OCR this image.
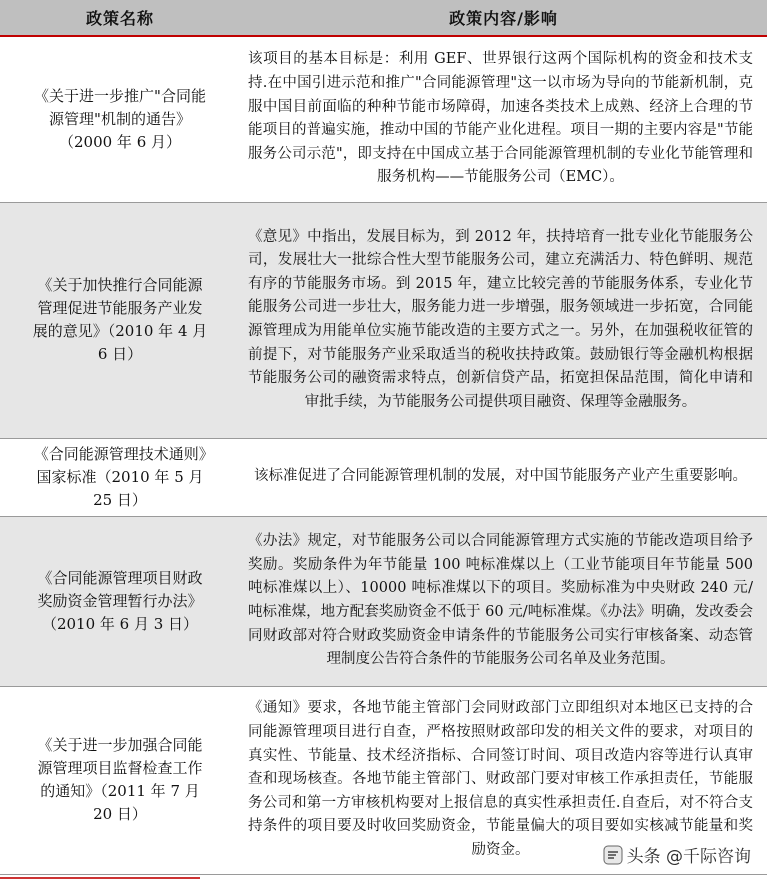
政策名称	政策内容/影响
《关于进一步推广"合同能源管理"机制的通告》（2000 年 6 月）	该项目的基本目标是：利用 GEF、世界银行这两个国际机构的资金和技术支持.在中国引进示范和推广"合同能源管理"这一以市场为导向的节能新机制，克服中国目前面临的种种节能市场障碍，加速各类技术上成熟、经济上合理的节能项目的普遍实施，推动中国的节能产业化进程。项目一期的主要内容是"节能服务公司示范"，即支持在中国成立基于合同能源管理机制的专业化节能管理和服务机构——节能服务公司（EMC）。
《关于加快推行合同能源管理促进节能服务产业发展的意见》（2010 年 4 月 6 日）	《意见》中指出，发展目标为，到 2012 年，扶持培育一批专业化节能服务公司，发展壮大一批综合性大型节能服务公司，建立充满活力、特色鲜明、规范有序的节能服务市场。到 2015 年，建立比较完善的节能服务体系，专业化节能服务公司进一步壮大，服务能力进一步增强，服务领域进一步拓宽，合同能源管理成为用能单位实施节能改造的主要方式之一。另外，在加强税收征管的前提下，对节能服务产业采取适当的税收扶持政策。鼓励银行等金融机构根据节能服务公司的融资需求特点，创新信贷产品，拓宽担保品范围，简化申请和审批手续，为节能服务公司提供项目融资、保理等金融服务。
《合同能源管理技术通则》国家标准（2010 年 5 月 25 日）	该标准促进了合同能源管理机制的发展，对中国节能服务产业产生重要影响。
《合同能源管理项目财政奖励资金管理暂行办法》（2010 年 6 月 3 日）	《办法》规定，对节能服务公司以合同能源管理方式实施的节能改造项目给予奖励。奖励条件为年节能量 100 吨标准煤以上（工业节能项目年节能量 500 吨标准煤以上）、10000 吨标准煤以下的项目。奖励标准为中央财政 240 元/吨标准煤，地方配套奖励资金不低于 60 元/吨标准煤。《办法》明确，发改委会同财政部对符合财政奖励资金申请条件的节能服务公司实行审核备案、动态管理制度公告符合条件的节能服务公司名单及业务范围。
《关于进一步加强合同能源管理项目监督检查工作的通知》（2011 年 7 月 20 日）	《通知》要求，各地节能主管部门会同财政部门立即组织对本地区已支持的合同能源管理项目进行自查，严格按照财政部印发的相关文件的要求，对项目的真实性、节能量、技术经济指标、合同签订时间、项目改造内容等进行认真审查和现场核查。各地节能主管部门、财政部门要对审核工作承担责任，节能服务公司和第一方审核机构要对上报信息的真实性承担责任.自查后，对不符合支持条件的项目要及时收回奖励资金，节能量偏大的项目要如实核减节能量和奖励资金。	头条 @千际咨询
